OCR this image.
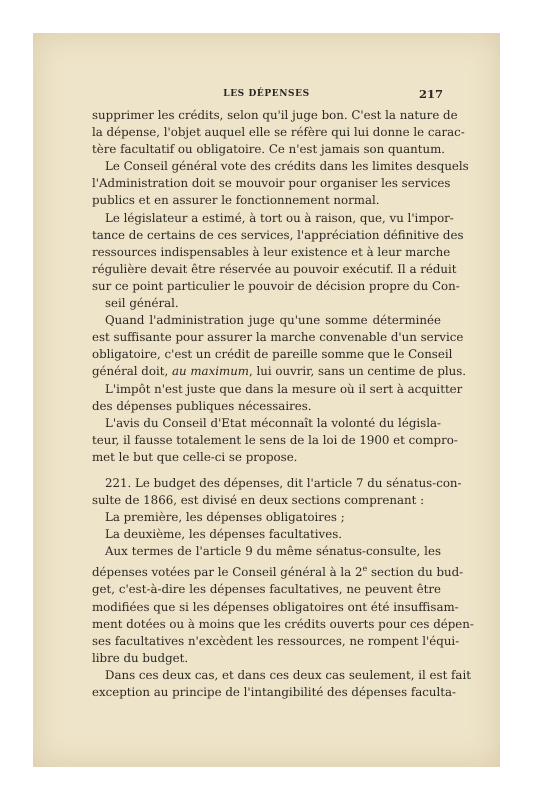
LES DÉPENSES	217

supprimer les crédits, selon qu'il juge bon. C'est la nature de
la dépense, l'objet auquel elle se réfère qui lui donne le carac-
tère facultatif ou obligatoire. Ce n'est jamais son quantum.

Le Conseil général vote des crédits dans les limites desquels
l'Administration doit se mouvoir pour organiser les services
publics et en assurer le fonctionnement normal.

Le législateur a estimé, à tort ou à raison, que, vu l'impor-
tance de certains de ces services, l'appréciation définitive des
ressources indispensables à leur existence et à leur marche
régulière devait être réservée au pouvoir exécutif. Il a réduit
sur ce point particulier le pouvoir de décision propre du Con-
seil général.

Quand l'administration juge qu'une somme déterminée
est suffisante pour assurer la marche convenable d'un service
obligatoire, c'est un crédit de pareille somme que le Conseil
général doit, au maximum, lui ouvrir, sans un centime de plus.
L'impôt n'est juste que dans la mesure où il sert à acquitter

des dépenses publiques nécessaires.

L'avis du Conseil d'Etat méconnaît la volonté du législa-
teur, il fausse totalement le sens de la loi de 1900 et compro-
met le but que celle-ci se propose.

221. Le budget des dépenses, dit l'article 7 du sénatus-con-
sulte de 1866, est divisé en deux sections comprenant :

La première, les dépenses obligatoires ;

La deuxième, les dépenses facultatives.

Aux termes de l'article 9 du même sénatus-consulte, les
dépenses votées par le Conseil général à la 2e section du bud-
get, c'est-à-dire les dépenses facultatives, ne peuvent être
modifiées que si les dépenses obligatoires ont été insuffisam-
ment dotées ou à moins que les crédits ouverts pour ces dépen-
ses facultatives n'excèdent les ressources, ne rompent l'équi-
libre du budget.

Dans ces deux cas, et dans ces deux cas seulement, il est fait
exception au principe de l'intangibilité des dépenses faculta-
